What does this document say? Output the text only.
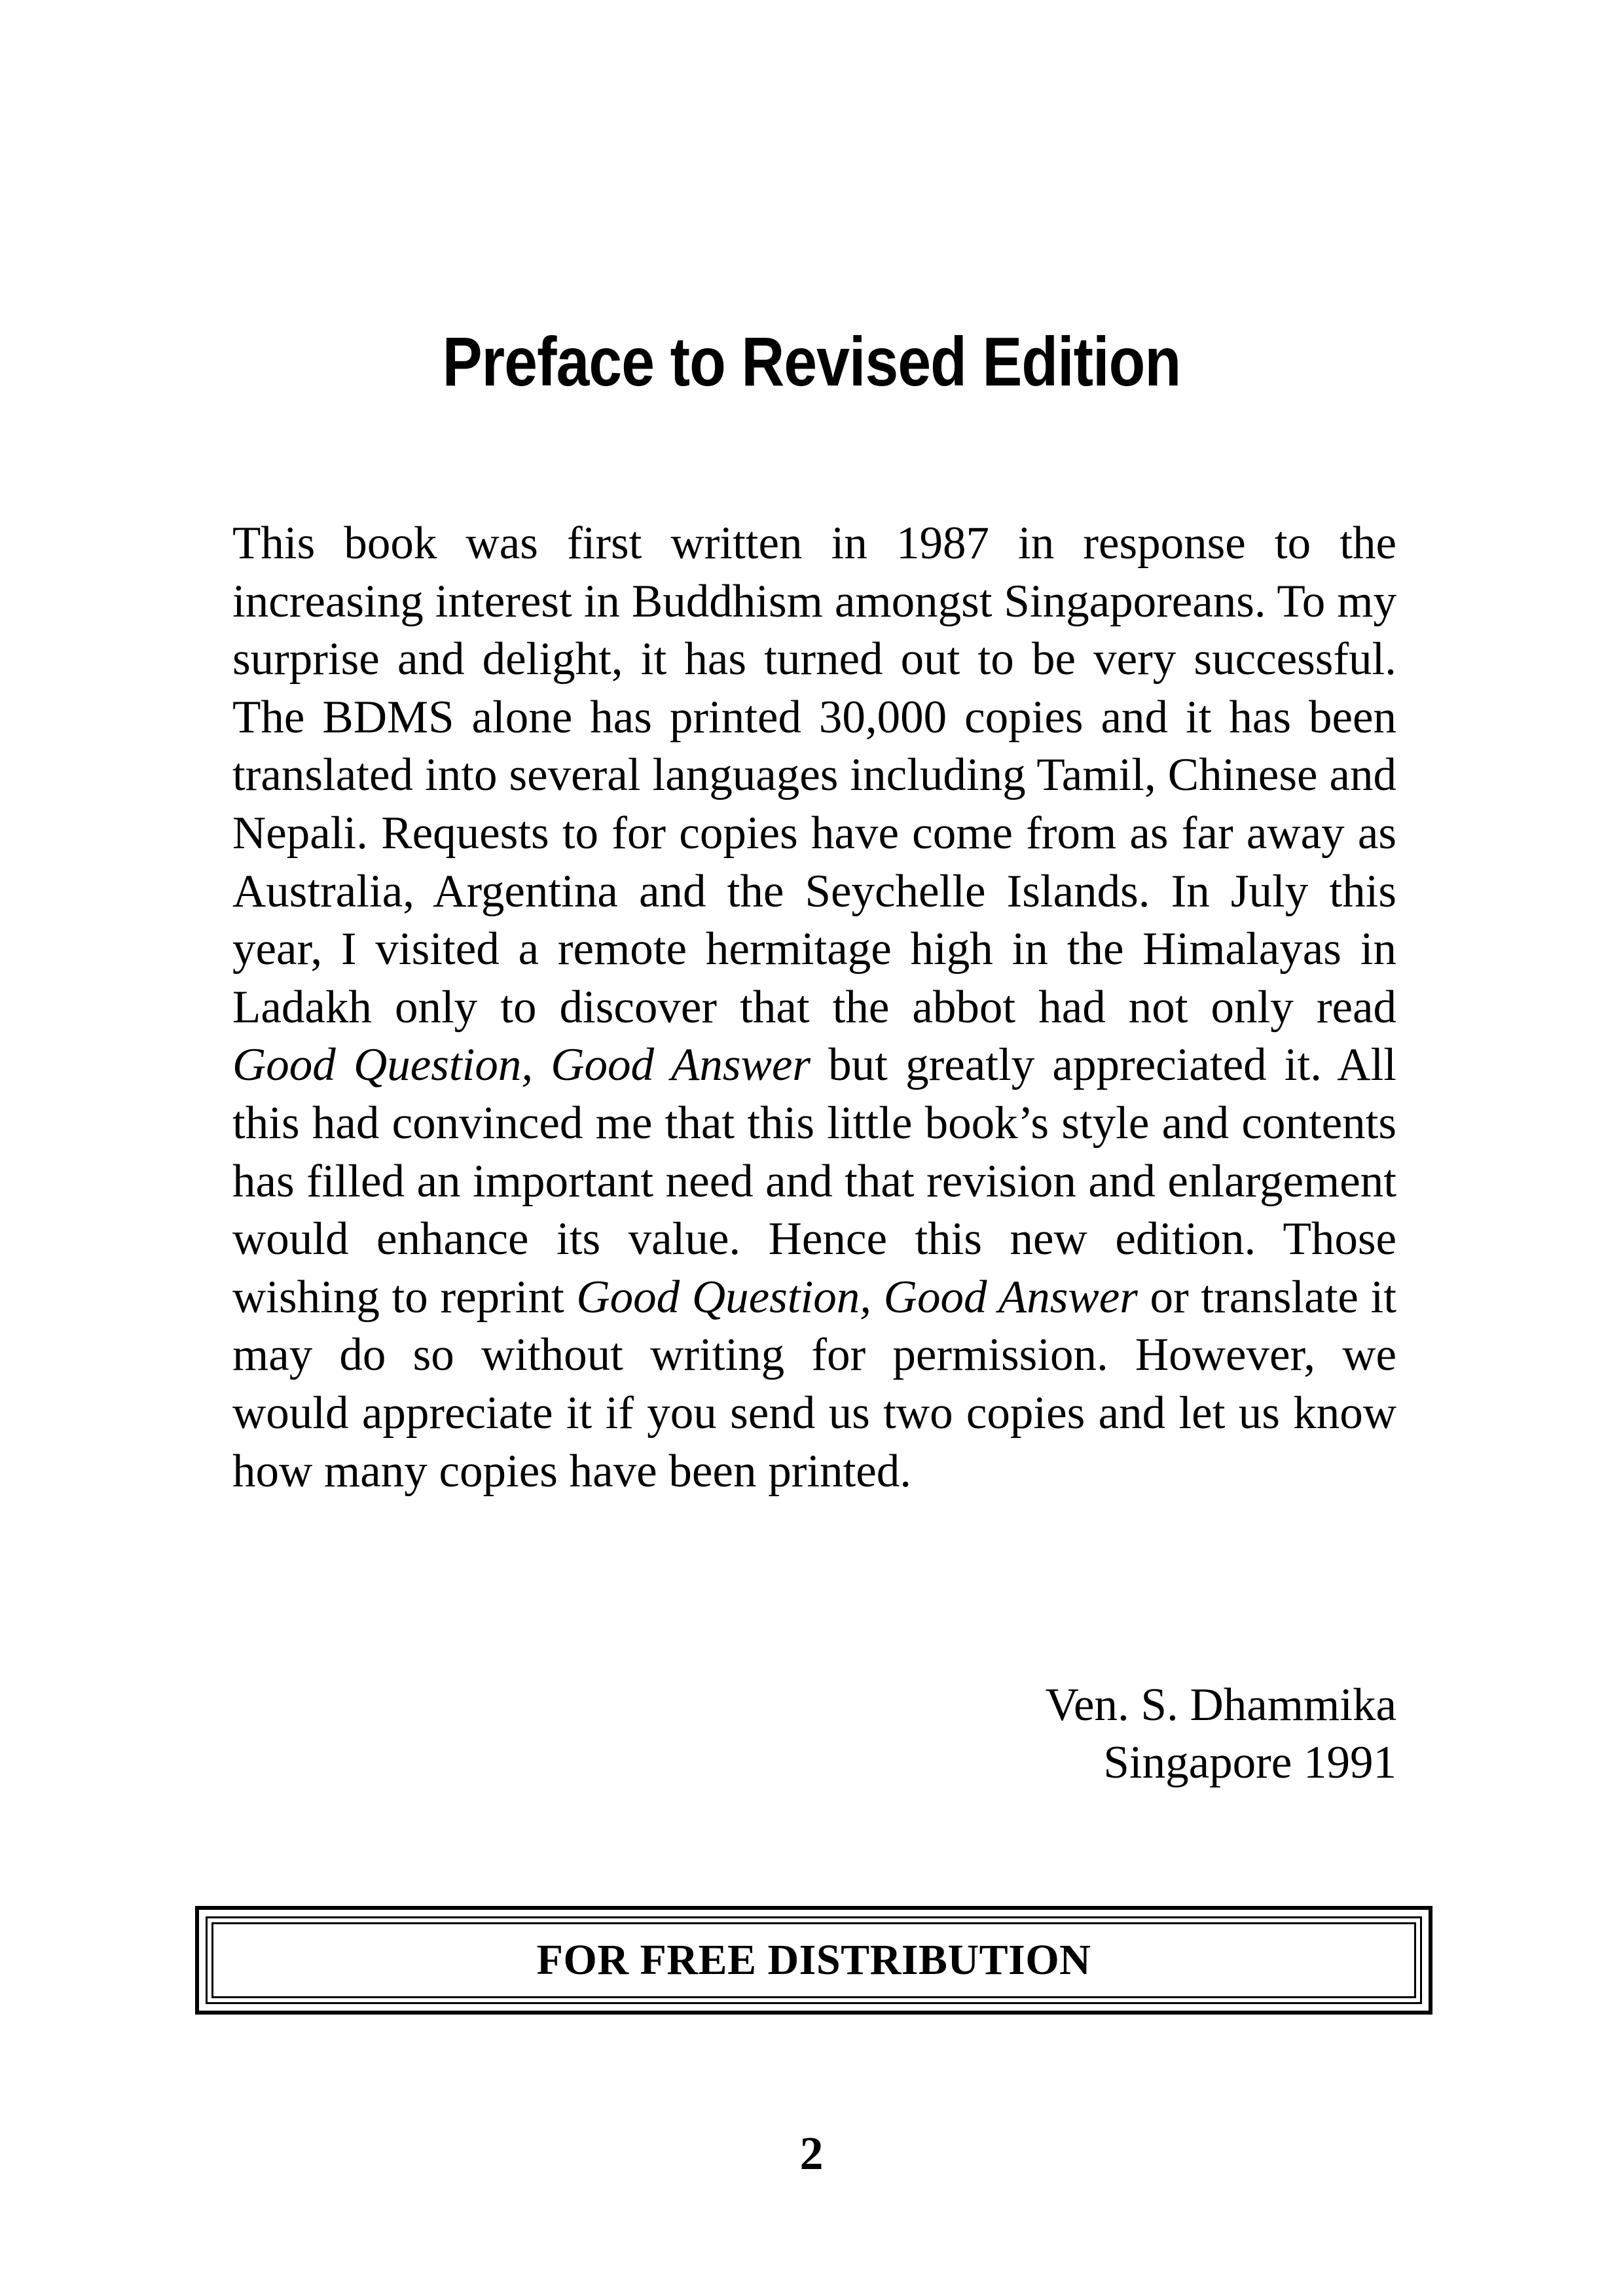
Preface to Revised Edition

This book was first written in 1987 in response to the increasing interest in Buddhism amongst Singaporeans. To my surprise and delight, it has turned out to be very successful. The BDMS alone has printed 30,000 copies and it has been translated into several languages including Tamil, Chinese and Nepali. Requests to for copies have come from as far away as Australia, Argentina and the Seychelle Islands. In July this year, I visited a remote hermitage high in the Himalayas in Ladakh only to discover that the abbot had not only read Good Question, Good Answer but greatly appreciated it. All this had convinced me that this little book’s style and contents has filled an important need and that revision and enlargement would enhance its value. Hence this new edition. Those wishing to reprint Good Question, Good Answer or translate it may do so without writing for permission. However, we would appreciate it if you send us two copies and let us know how many copies have been printed.

Ven. S. Dhammika
Singapore 1991
FOR FREE DISTRIBUTION
2
